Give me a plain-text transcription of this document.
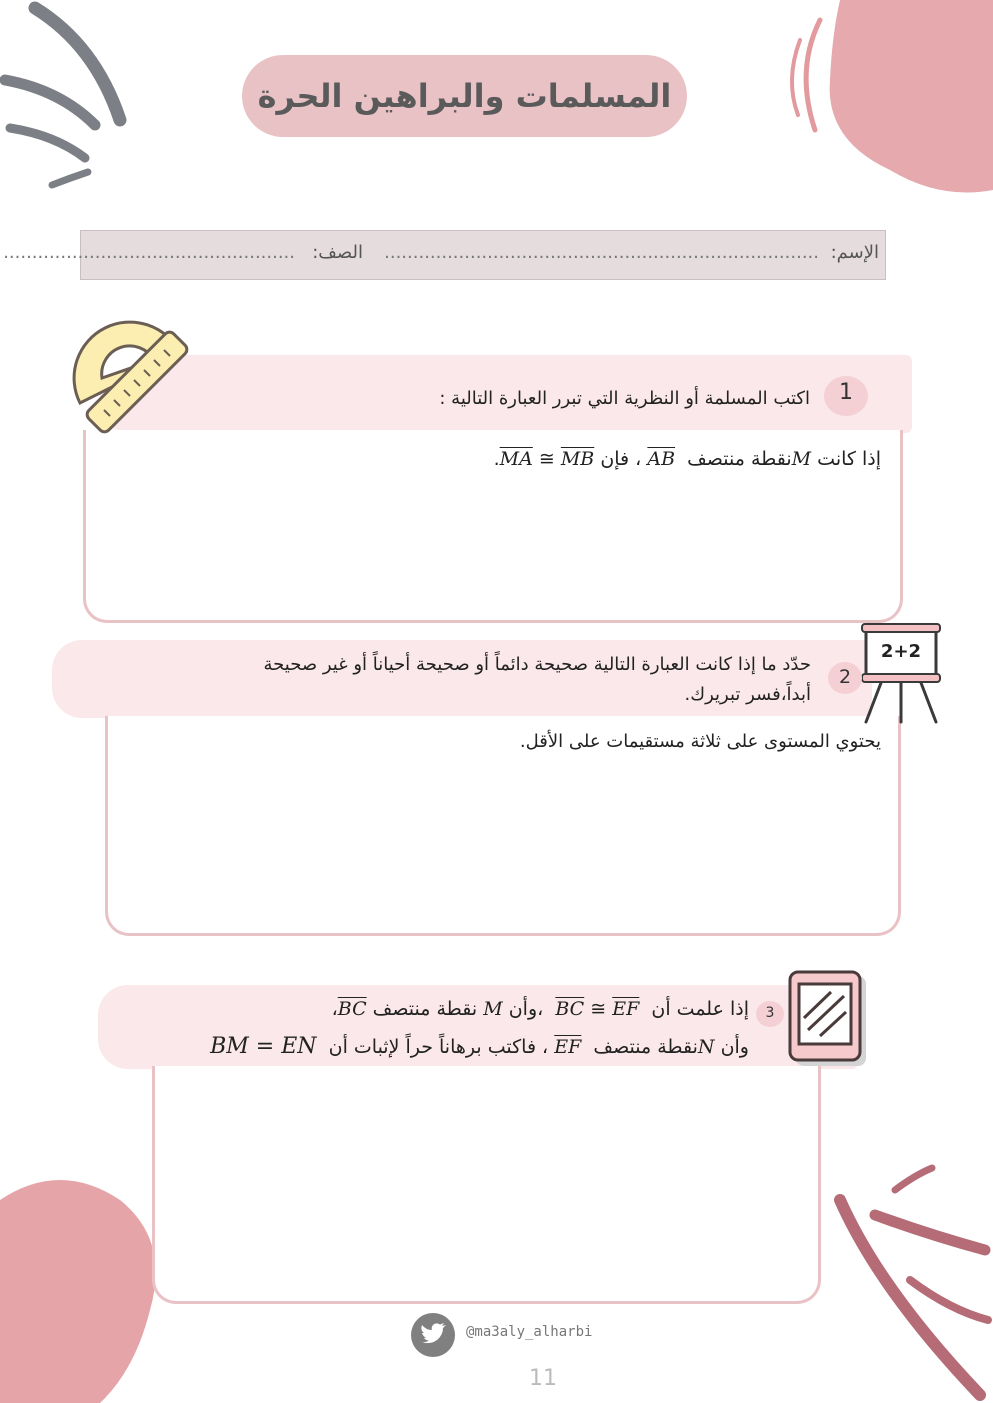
المسلمات والبراهين الحرة
الإسم:
............................................................................
الصف:
...................................................
1
اكتب المسلمة أو النظرية التي تبرر العبارة التالية :
إذا كانت Mنقطة منتصف  AB ، فإن $\overline{MA}$ ≅ $\overline{MB}$.
2+2
2
حدّد ما إذا كانت العبارة التالية صحيحة دائماً أو صحيحة أحياناً أو غير صحيحة
أبداً،فسر تبريرك.
يحتوي المستوى على ثلاثة مستقيمات على الأقل.
3
إذا علمت أن  $\overline{BC}$ ≅ $\overline{EF}$  ،وأن M نقطة منتصف BC،
وأن Nنقطة منتصف  EF ، فاكتب برهاناً حراً لإثبات أن  BM = EN
@ma3aly_alharbi
11
